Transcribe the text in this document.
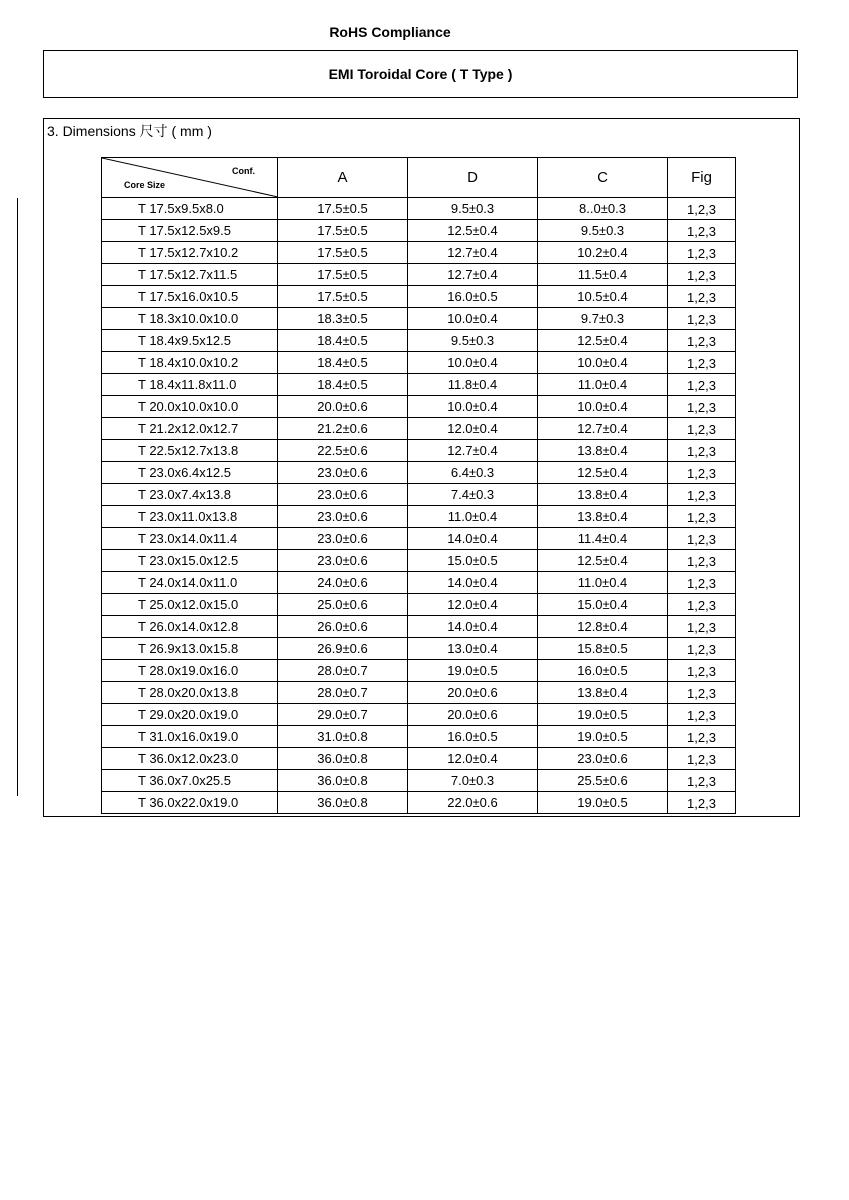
RoHS Compliance
EMI Toroidal Core ( T Type )
3. Dimensions 尺寸 ( mm )
Conf.
Core Size	A	D	C	Fig
T 17.5x9.5x8.0	17.5±0.5	9.5±0.3	8..0±0.3	1,2,3
T 17.5x12.5x9.5	17.5±0.5	12.5±0.4	9.5±0.3	1,2,3
T 17.5x12.7x10.2	17.5±0.5	12.7±0.4	10.2±0.4	1,2,3
T 17.5x12.7x11.5	17.5±0.5	12.7±0.4	11.5±0.4	1,2,3
T 17.5x16.0x10.5	17.5±0.5	16.0±0.5	10.5±0.4	1,2,3
T 18.3x10.0x10.0	18.3±0.5	10.0±0.4	9.7±0.3	1,2,3
T 18.4x9.5x12.5	18.4±0.5	9.5±0.3	12.5±0.4	1,2,3
T 18.4x10.0x10.2	18.4±0.5	10.0±0.4	10.0±0.4	1,2,3
T 18.4x11.8x11.0	18.4±0.5	11.8±0.4	11.0±0.4	1,2,3
T 20.0x10.0x10.0	20.0±0.6	10.0±0.4	10.0±0.4	1,2,3
T 21.2x12.0x12.7	21.2±0.6	12.0±0.4	12.7±0.4	1,2,3
T 22.5x12.7x13.8	22.5±0.6	12.7±0.4	13.8±0.4	1,2,3
T 23.0x6.4x12.5	23.0±0.6	6.4±0.3	12.5±0.4	1,2,3
T 23.0x7.4x13.8	23.0±0.6	7.4±0.3	13.8±0.4	1,2,3
T 23.0x11.0x13.8	23.0±0.6	11.0±0.4	13.8±0.4	1,2,3
T 23.0x14.0x11.4	23.0±0.6	14.0±0.4	11.4±0.4	1,2,3
T 23.0x15.0x12.5	23.0±0.6	15.0±0.5	12.5±0.4	1,2,3
T 24.0x14.0x11.0	24.0±0.6	14.0±0.4	11.0±0.4	1,2,3
T 25.0x12.0x15.0	25.0±0.6	12.0±0.4	15.0±0.4	1,2,3
T 26.0x14.0x12.8	26.0±0.6	14.0±0.4	12.8±0.4	1,2,3
T 26.9x13.0x15.8	26.9±0.6	13.0±0.4	15.8±0.5	1,2,3
T 28.0x19.0x16.0	28.0±0.7	19.0±0.5	16.0±0.5	1,2,3
T 28.0x20.0x13.8	28.0±0.7	20.0±0.6	13.8±0.4	1,2,3
T 29.0x20.0x19.0	29.0±0.7	20.0±0.6	19.0±0.5	1,2,3
T 31.0x16.0x19.0	31.0±0.8	16.0±0.5	19.0±0.5	1,2,3
T 36.0x12.0x23.0	36.0±0.8	12.0±0.4	23.0±0.6	1,2,3
T 36.0x7.0x25.5	36.0±0.8	7.0±0.3	25.5±0.6	1,2,3
T 36.0x22.0x19.0	36.0±0.8	22.0±0.6	19.0±0.5	1,2,3
